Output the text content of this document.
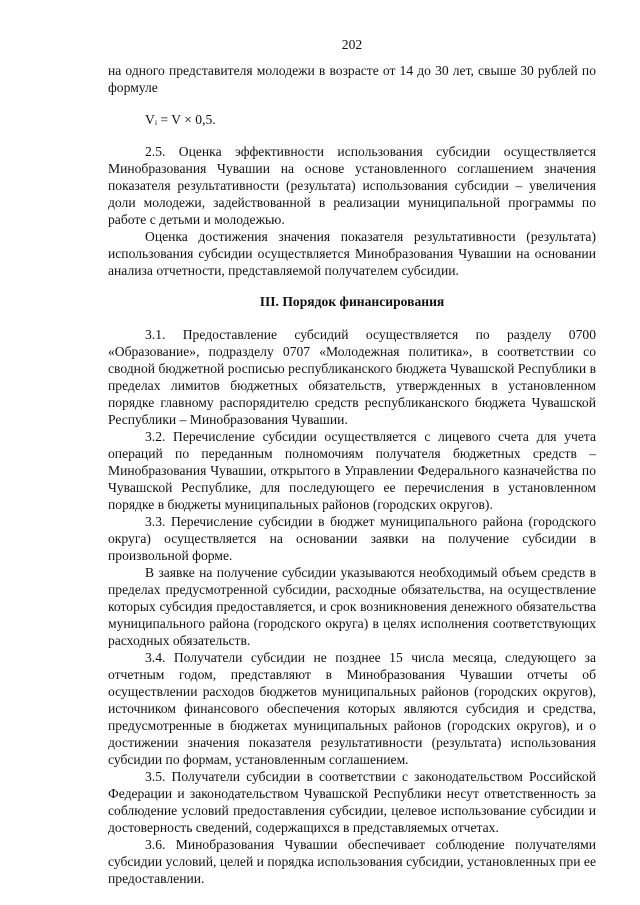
202

на одного представителя молодежи в возрасте от 14 до 30 лет, свыше 30 рублей по формуле

Vᵢ = V × 0,5.

2.5. Оценка эффективности использования субсидии осуществляется Минобразования Чувашии на основе установленного соглашением значения показателя результативности (результата) использования субсидии – увеличения доли молодежи, задействованной в реализации муниципальной программы по работе с детьми и молодежью.

Оценка достижения значения показателя результативности (результата) использования субсидии осуществляется Минобразования Чувашии на основании анализа отчетности, представляемой получателем субсидии.

III. Порядок финансирования

3.1. Предоставление субсидий осуществляется по разделу 0700 «Образование», подразделу 0707 «Молодежная политика», в соответствии со сводной бюджетной росписью республиканского бюджета Чувашской Республики в пределах лимитов бюджетных обязательств, утвержденных в установленном порядке главному распорядителю средств республиканского бюджета Чувашской Республики – Минобразования Чувашии.

3.2. Перечисление субсидии осуществляется с лицевого счета для учета операций по переданным полномочиям получателя бюджетных средств – Минобразования Чувашии, открытого в Управлении Федерального казначейства по Чувашской Республике, для последующего ее перечисления в установленном порядке в бюджеты муниципальных районов (городских округов).

3.3. Перечисление субсидии в бюджет муниципального района (городского округа) осуществляется на основании заявки на получение субсидии в произвольной форме.

В заявке на получение субсидии указываются необходимый объем средств в пределах предусмотренной субсидии, расходные обязательства, на осуществление которых субсидия предоставляется, и срок возникновения денежного обязательства муниципального района (городского округа) в целях исполнения соответствующих расходных обязательств.

3.4. Получатели субсидии не позднее 15 числа месяца, следующего за отчетным годом, представляют в Минобразования Чувашии отчеты об осуществлении расходов бюджетов муниципальных районов (городских округов), источником финансового обеспечения которых являются субсидия и средства, предусмотренные в бюджетах муниципальных районов (городских округов), и о достижении значения показателя результативности (результата) использования субсидии по формам, установленным соглашением.

3.5. Получатели субсидии в соответствии с законодательством Российской Федерации и законодательством Чувашской Республики несут ответственность за соблюдение условий предоставления субсидии, целевое использование субсидии и достоверность сведений, содержащихся в представляемых отчетах.

3.6. Минобразования Чувашии обеспечивает соблюдение получателями субсидии условий, целей и порядка использования субсидии, установленных при ее предоставлении.
